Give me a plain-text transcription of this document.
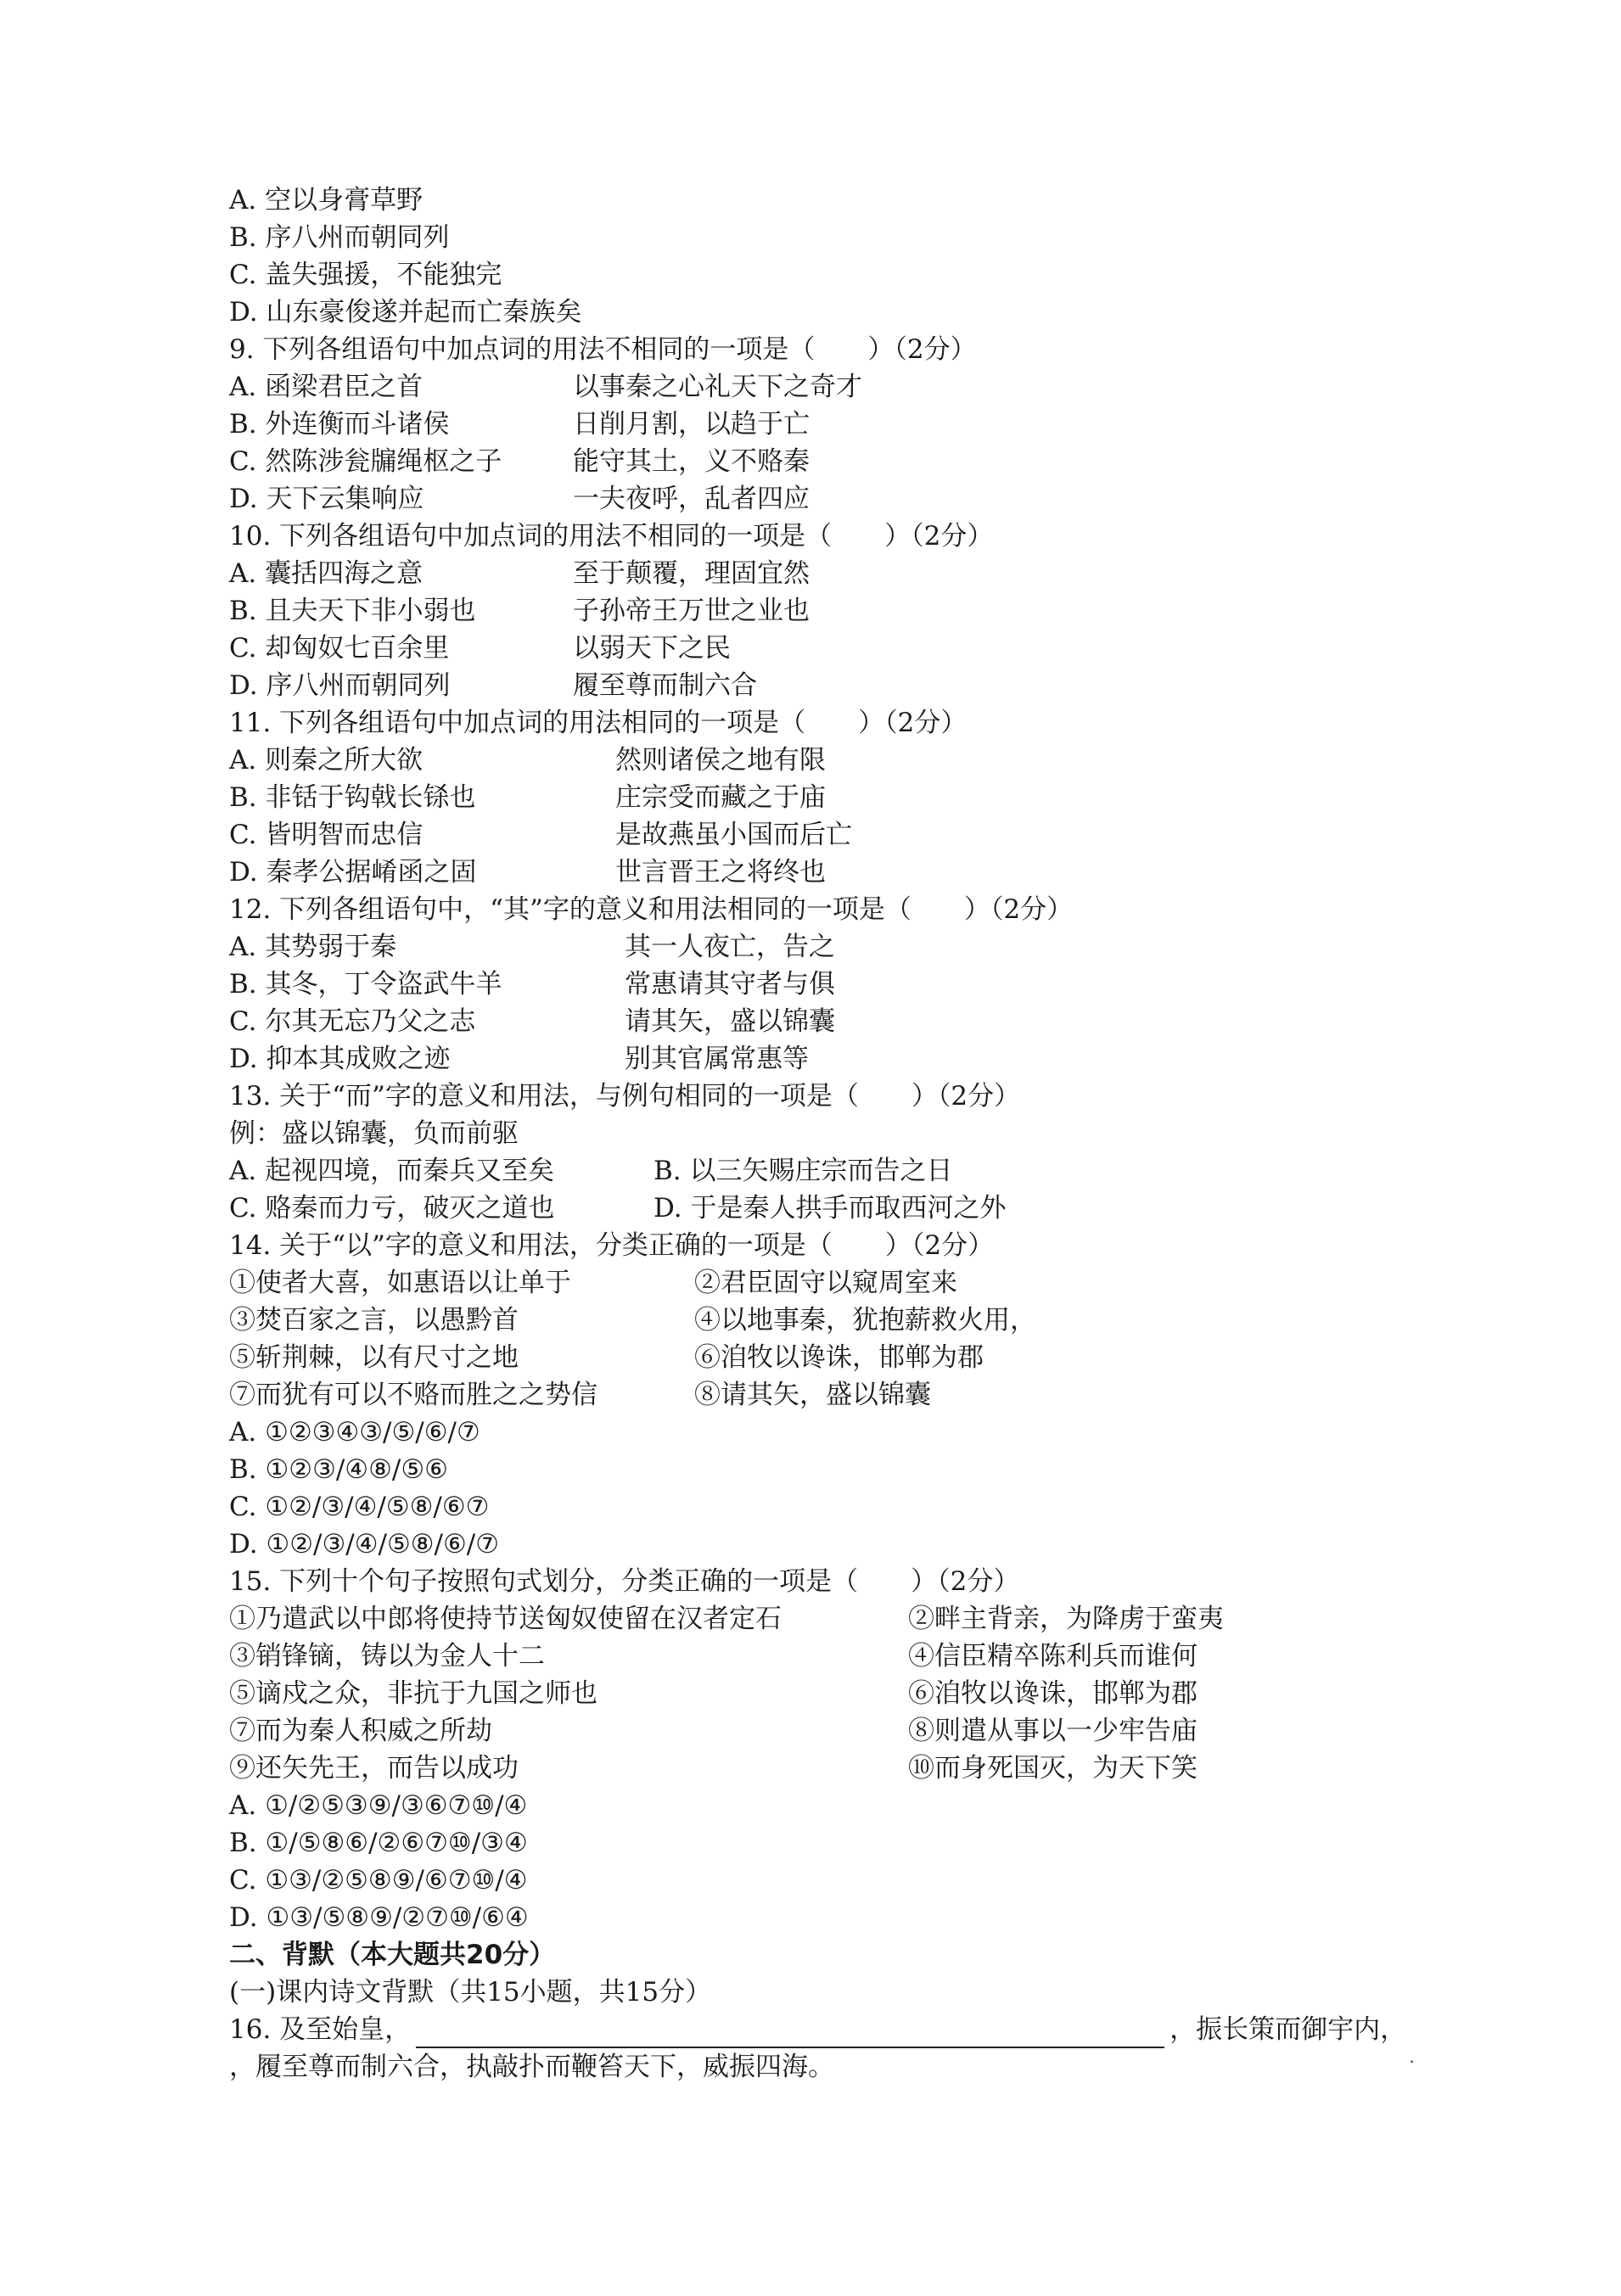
A. 空以身膏草野
B. 序八州而朝同列
C. 盖失强援，不能独完
D. 山东豪俊遂并起而亡秦族矣
9. 下列各组语句中加点词的用法不相同的一项是（　　）（2分）
A. 函梁君臣之首	以事秦之心礼天下之奇才
B. 外连衡而斗诸侯	日削月割，以趋于亡
C. 然陈涉瓮牖绳枢之子	能守其土，义不赂秦
D. 天下云集响应	一夫夜呼，乱者四应
10. 下列各组语句中加点词的用法不相同的一项是（　　）（2分）
A. 囊括四海之意	至于颠覆，理固宜然
B. 且夫天下非小弱也	子孙帝王万世之业也
C. 却匈奴七百余里	以弱天下之民
D. 序八州而朝同列	履至尊而制六合
11. 下列各组语句中加点词的用法相同的一项是（　　）（2分）
A. 则秦之所大欲	然则诸侯之地有限
B. 非铦于钩戟长铩也	庄宗受而藏之于庙
C. 皆明智而忠信	是故燕虽小国而后亡
D. 秦孝公据崤函之固	世言晋王之将终也
12. 下列各组语句中，“其”字的意义和用法相同的一项是（　　）（2分）
A. 其势弱于秦	其一人夜亡，告之
B. 其冬，丁令盗武牛羊	常惠请其守者与俱
C. 尔其无忘乃父之志	请其矢，盛以锦囊
D. 抑本其成败之迹	别其官属常惠等
13. 关于“而”字的意义和用法，与例句相同的一项是（　　）（2分）
例：盛以锦囊，负而前驱
A. 起视四境，而秦兵又至矣	B. 以三矢赐庄宗而告之日
C. 赂秦而力亏，破灭之道也	D. 于是秦人拱手而取西河之外
14. 关于“以”字的意义和用法，分类正确的一项是（　　）（2分）
①使者大喜，如惠语以让单于	②君臣固守以窥周室来
③焚百家之言，以愚黔首	④以地事秦，犹抱薪救火用，
⑤斩荆棘，以有尺寸之地	⑥洎牧以谗诛，邯郸为郡
⑦而犹有可以不赂而胜之之势信	⑧请其矢，盛以锦囊
A. ①②③④③/⑤/⑥/⑦
B. ①②③/④⑧/⑤⑥
C. ①②/③/④/⑤⑧/⑥⑦
D. ①②/③/④/⑤⑧/⑥/⑦
15. 下列十个句子按照句式划分，分类正确的一项是（　　）（2分）
①乃遣武以中郎将使持节送匈奴使留在汉者定石	②畔主背亲，为降虏于蛮夷
③销锋镝，铸以为金人十二	④信臣精卒陈利兵而谁何
⑤谪戍之众，非抗于九国之师也	⑥洎牧以谗诛，邯郸为郡
⑦而为秦人积威之所劫	⑧则遣从事以一少牢告庙
⑨还矢先王，而告以成功	⑩而身死国灭，为天下笑
A. ①/②⑤③⑨/③⑥⑦⑩/④
B. ①/⑤⑧⑥/②⑥⑦⑩/③④
C. ①③/②⑤⑧⑨/⑥⑦⑩/④
D. ①③/⑤⑧⑨/②⑦⑩/⑥④
二、背默（本大题共20分）
(一)课内诗文背默（共15小题，共15分）
16. 及至始皇，	，振长策而御宇内，
，履至尊而制六合，执敲扑而鞭笞天下，威振四海。	.
